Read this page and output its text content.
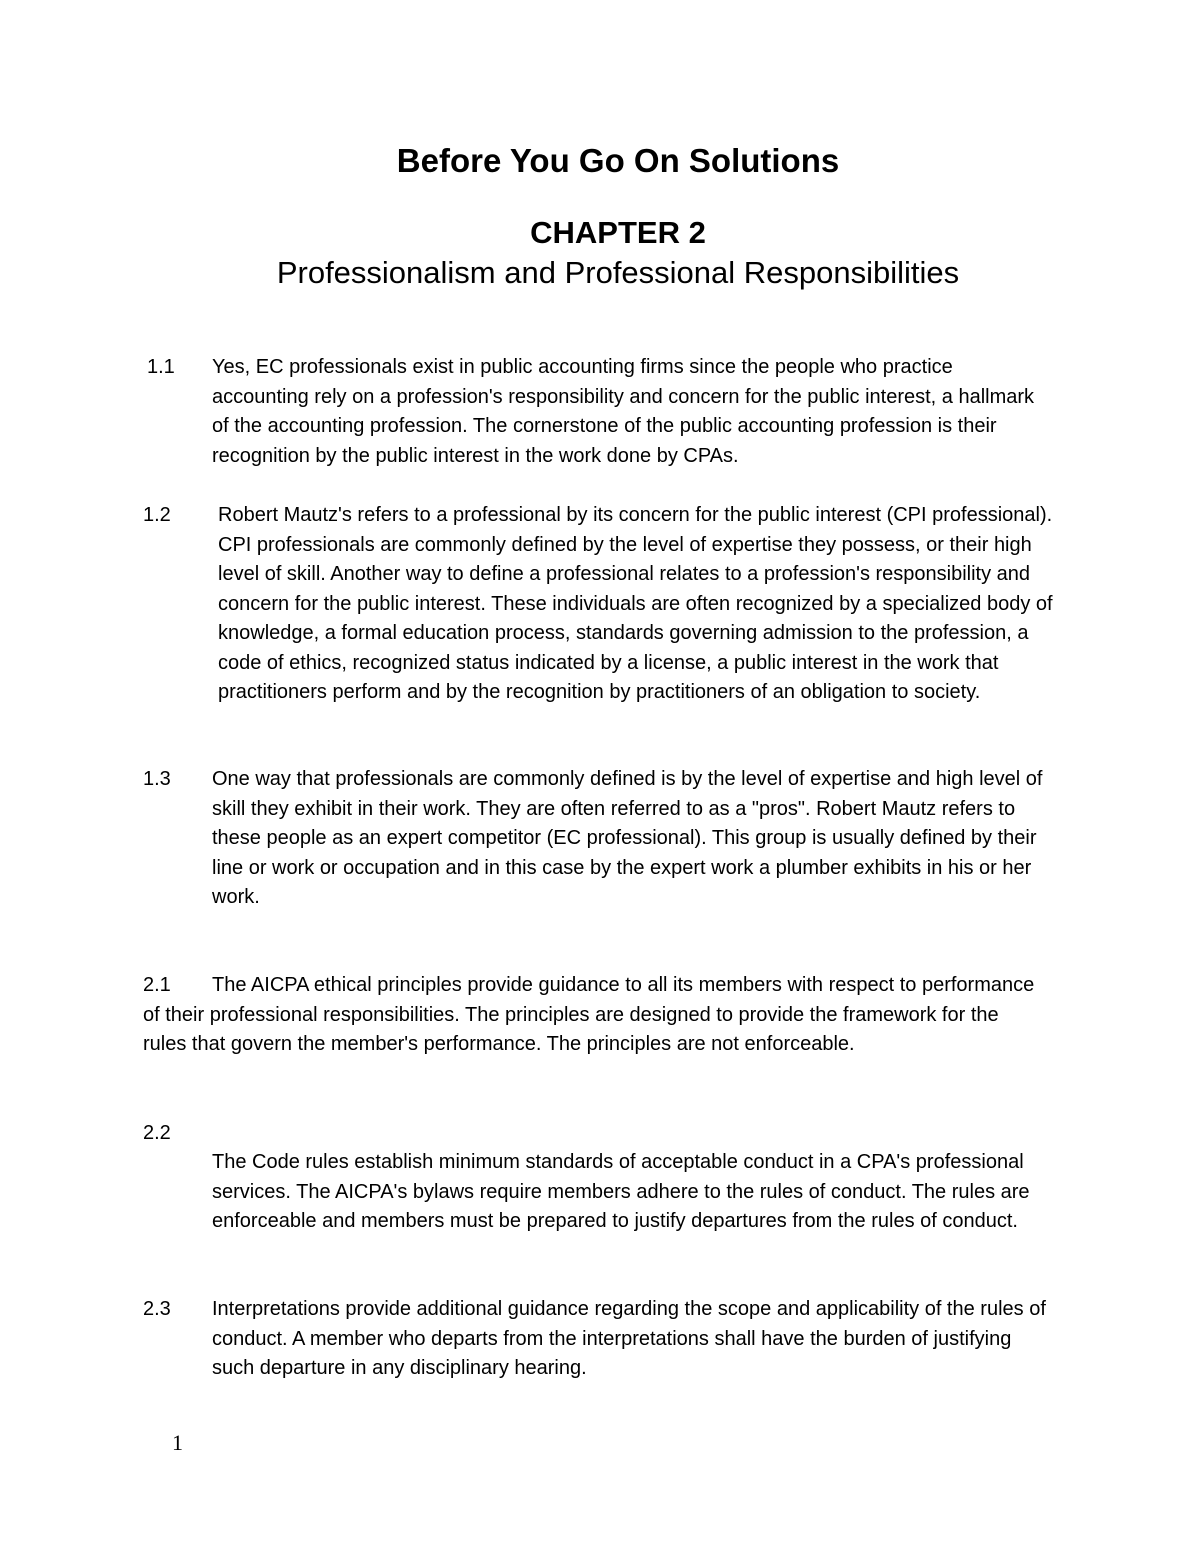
Before You Go On Solutions
CHAPTER 2
Professionalism and Professional Responsibilities
1.1 Yes, EC professionals exist in public accounting firms since the people who practice accounting rely on a profession's responsibility and concern for the public interest, a hallmark of the accounting profession. The cornerstone of the public accounting profession is their recognition by the public interest in the work done by CPAs.
1.2 Robert Mautz's refers to a professional by its concern for the public interest (CPI professional). CPI professionals are commonly defined by the level of expertise they possess, or their high level of skill. Another way to define a professional relates to a profession's responsibility and concern for the public interest. These individuals are often recognized by a specialized body of knowledge, a formal education process, standards governing admission to the profession, a code of ethics, recognized status indicated by a license, a public interest in the work that practitioners perform and by the recognition by practitioners of an obligation to society.
1.3 One way that professionals are commonly defined is by the level of expertise and high level of skill they exhibit in their work. They are often referred to as a "pros". Robert Mautz refers to these people as an expert competitor (EC professional). This group is usually defined by their line or work or occupation and in this case by the expert work a plumber exhibits in his or her work.
2.1 The AICPA ethical principles provide guidance to all its members with respect to performance of their professional responsibilities. The principles are designed to provide the framework for the rules that govern the member's performance. The principles are not enforceable.
2.2
The Code rules establish minimum standards of acceptable conduct in a CPA's professional services. The AICPA's bylaws require members adhere to the rules of conduct. The rules are enforceable and members must be prepared to justify departures from the rules of conduct.
2.3 Interpretations provide additional guidance regarding the scope and applicability of the rules of conduct. A member who departs from the interpretations shall have the burden of justifying such departure in any disciplinary hearing.
1
